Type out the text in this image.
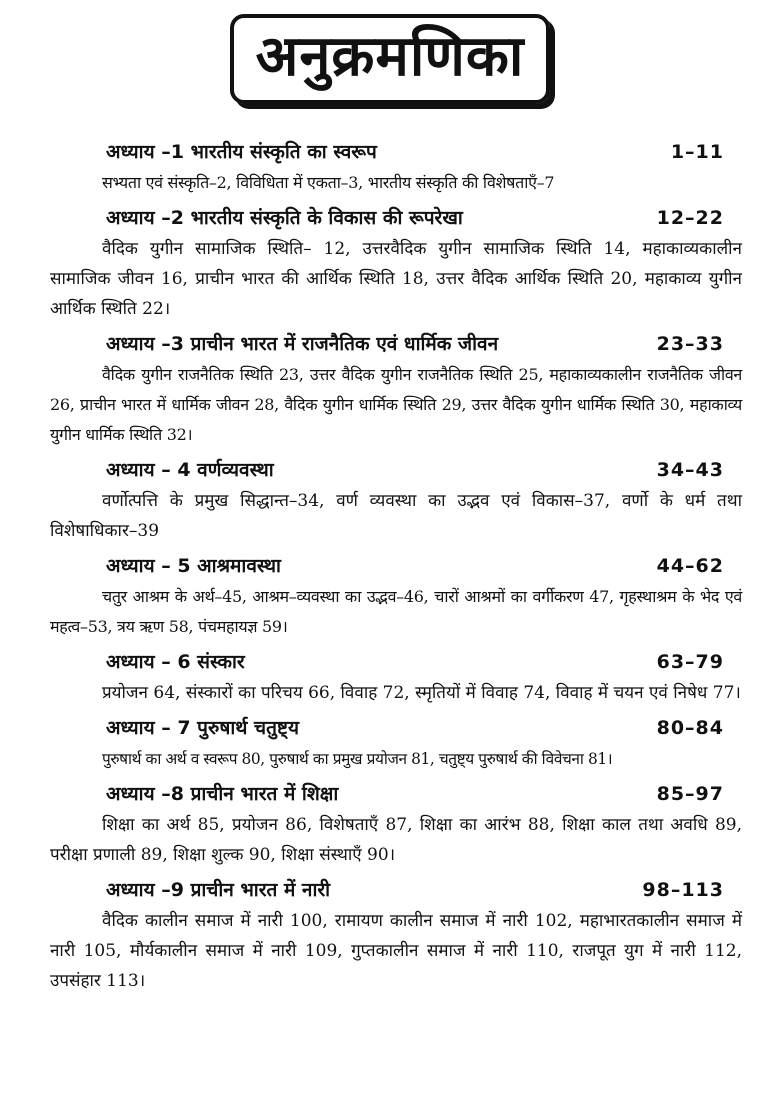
अनुक्रमणिका
अध्याय –1 भारतीय संस्कृति का स्वरूप	1–11

सभ्यता एवं संस्कृति–2, विविधिता में एकता–3, भारतीय संस्कृति की विशेषताएँ–7

अध्याय –2 भारतीय संस्कृति के विकास की रूपरेखा	12–22

वैदिक युगीन सामाजिक स्थिति– 12, उत्तरवैदिक युगीन सामाजिक स्थिति 14, महाकाव्यकालीन सामाजिक जीवन 16, प्राचीन भारत की आर्थिक स्थिति 18, उत्तर वैदिक आर्थिक स्थिति 20, महाकाव्य युगीन आर्थिक स्थिति 22।

अध्याय –3 प्राचीन भारत में राजनैतिक एवं धार्मिक जीवन	23–33

वैदिक युगीन राजनैतिक स्थिति 23, उत्तर वैदिक युगीन राजनैतिक स्थिति 25, महाकाव्यकालीन राजनैतिक जीवन 26, प्राचीन भारत में धार्मिक जीवन 28, वैदिक युगीन धार्मिक स्थिति 29, उत्तर वैदिक युगीन धार्मिक स्थिति 30, महाकाव्य युगीन धार्मिक स्थिति 32।

अध्याय – 4 वर्णव्यवस्था	34–43

वर्णोत्पत्ति के प्रमुख सिद्धान्त–34, वर्ण व्यवस्था का उद्भव एवं विकास–37, वर्णो के धर्म तथा विशेषाधिकार–39

अध्याय – 5 आश्रमावस्था	44–62

चतुर आश्रम के अर्थ–45, आश्रम–व्यवस्था का उद्भव–46, चारों आश्रमों का वर्गीकरण 47, गृहस्थाश्रम के भेद एवं महत्व–53, त्रय ऋण 58, पंचमहायज्ञ 59।

अध्याय – 6 संस्कार	63–79

प्रयोजन 64, संस्कारों का परिचय 66, विवाह 72, स्मृतियों में विवाह 74, विवाह में चयन एवं निषेध 77।

अध्याय – 7 पुरुषार्थ चतुष्ट्य	80–84

पुरुषार्थ का अर्थ व स्वरूप 80, पुरुषार्थ का प्रमुख प्रयोजन 81, चतुष्ट्य पुरुषार्थ की विवेचना 81।

अध्याय –8 प्राचीन भारत में शिक्षा	85–97

शिक्षा का अर्थ 85, प्रयोजन 86, विशेषताएँ 87, शिक्षा का आरंभ 88, शिक्षा काल तथा अवधि 89, परीक्षा प्रणाली 89, शिक्षा शुल्क 90, शिक्षा संस्थाएँ 90।

अध्याय –9 प्राचीन भारत में नारी	98–113

वैदिक कालीन समाज में नारी 100, रामायण कालीन समाज में नारी 102, महाभारतकालीन समाज में नारी 105, मौर्यकालीन समाज में नारी 109, गुप्तकालीन समाज में नारी 110, राजपूत युग में नारी 112, उपसंहार 113।
